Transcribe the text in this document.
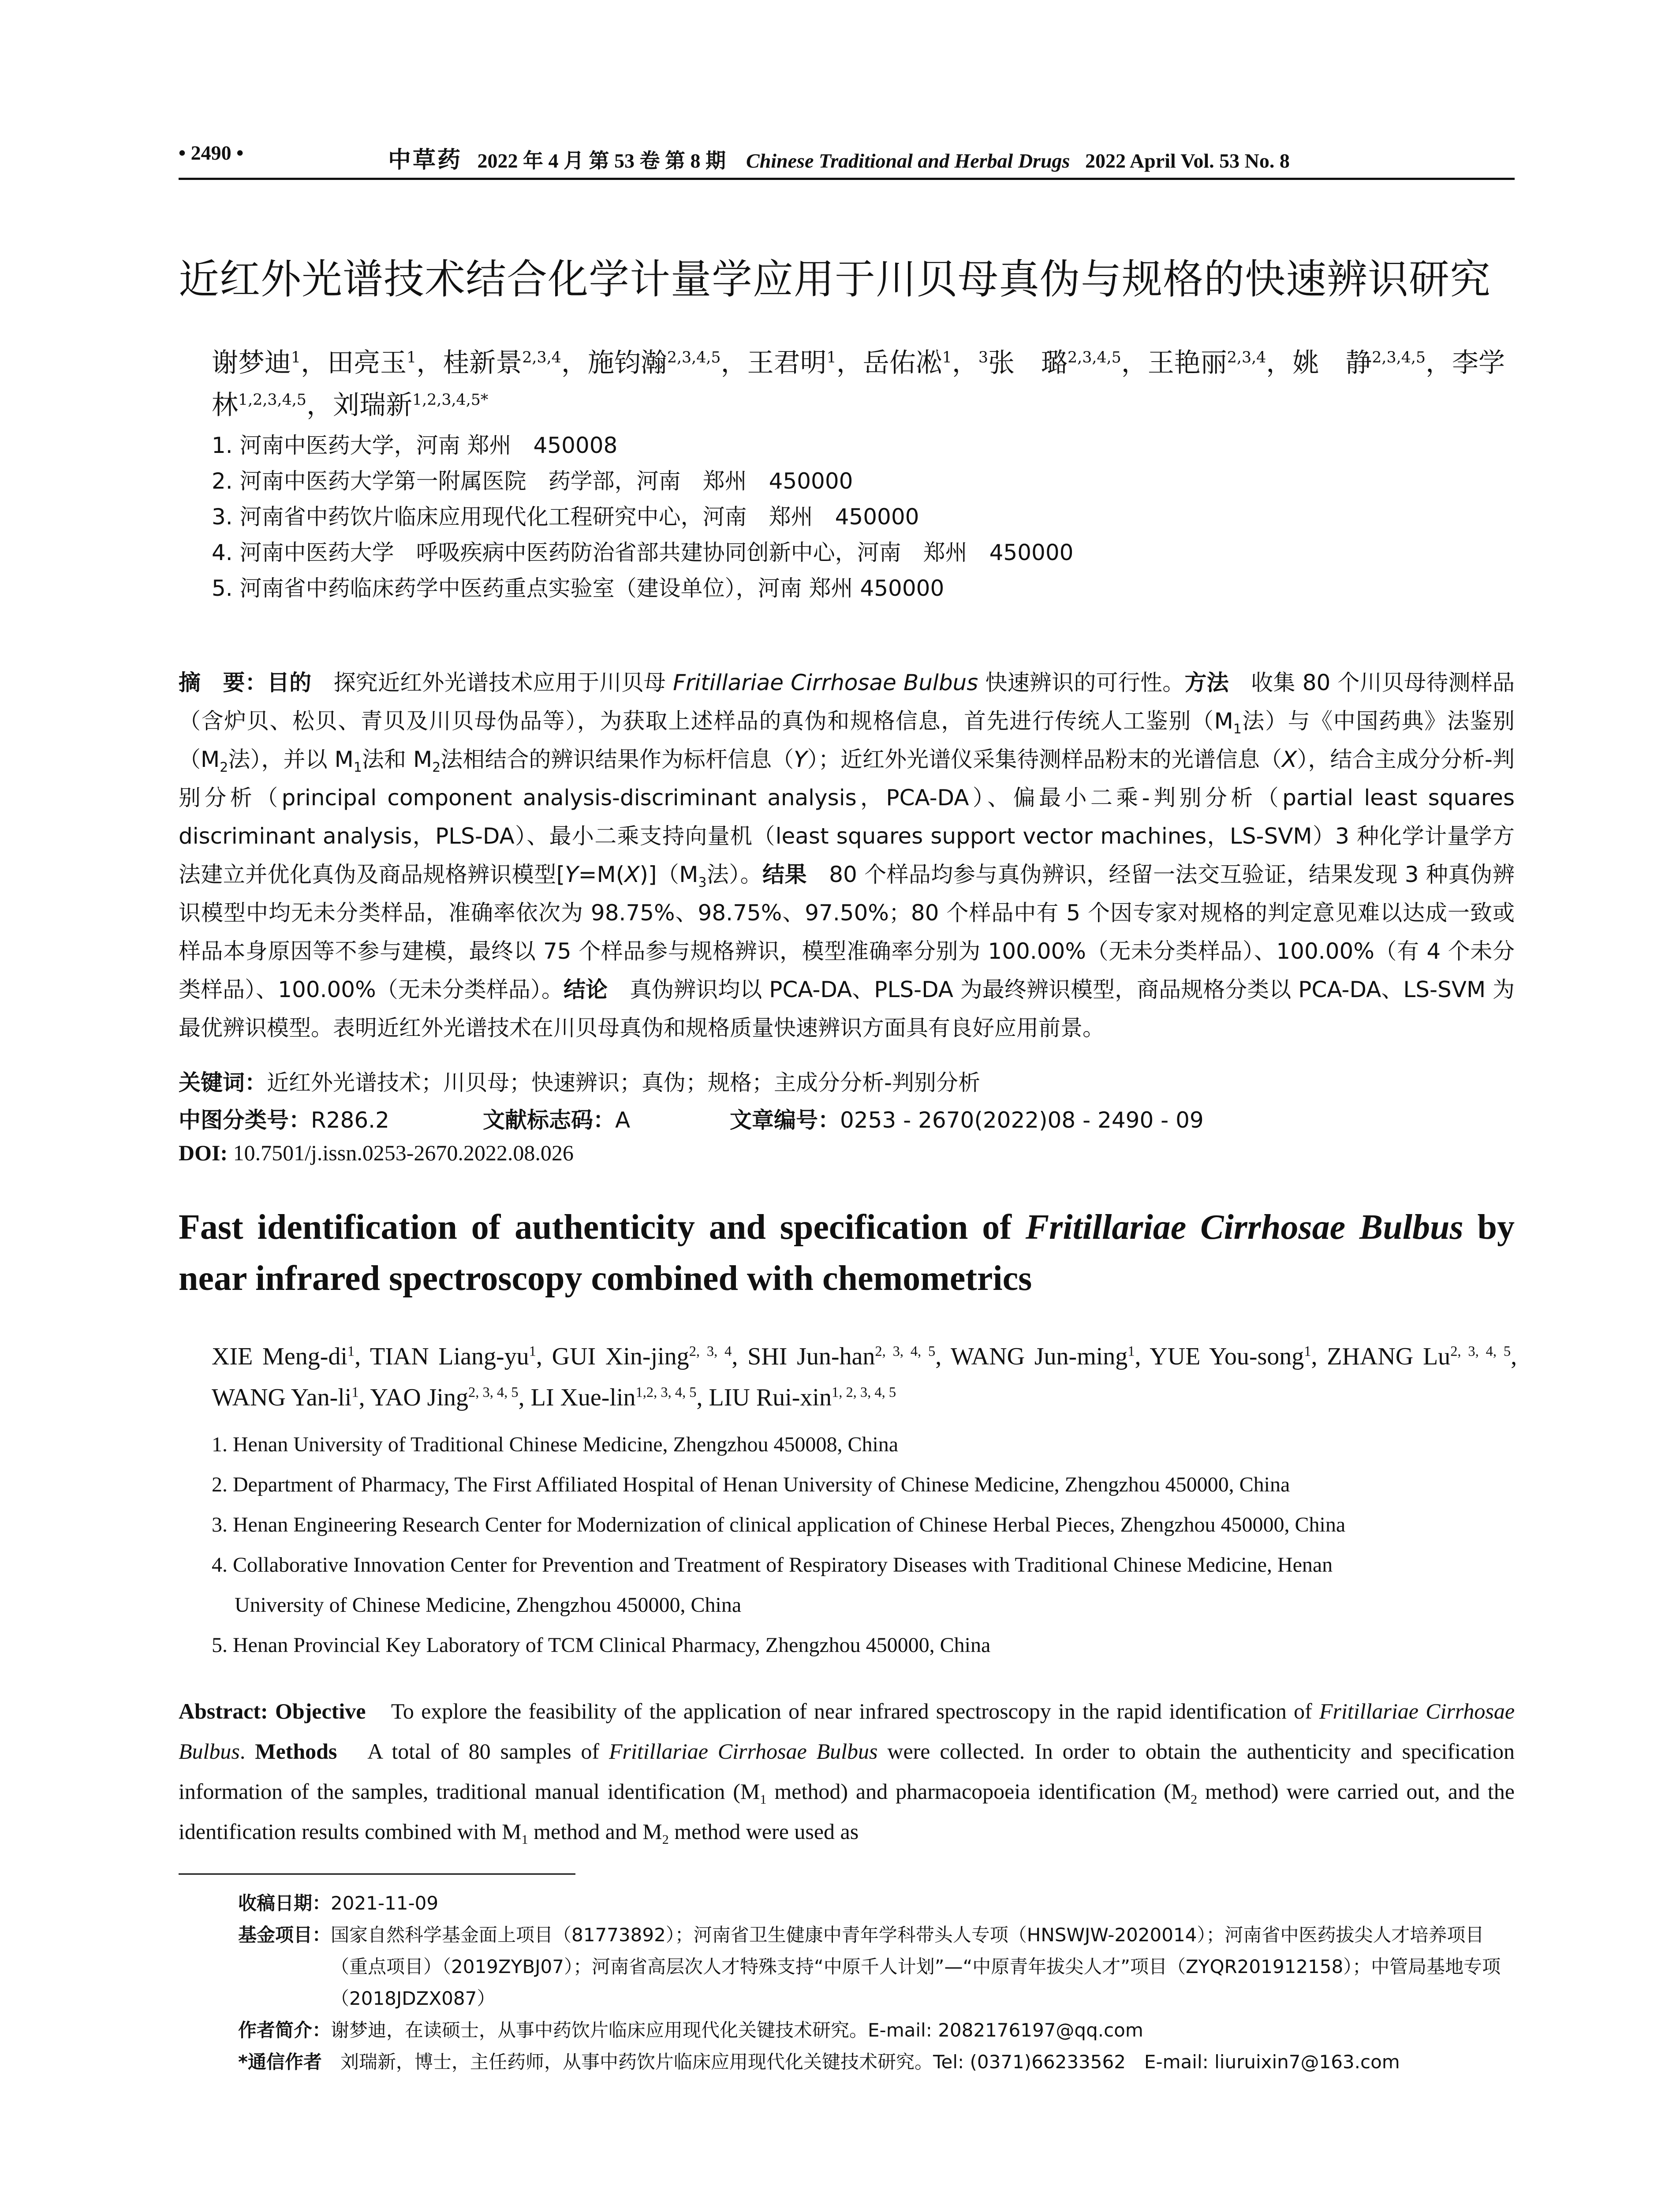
• 2490 •	中草药 2022 年 4 月 第 53 卷 第 8 期 Chinese Traditional and Herbal Drugs 2022 April Vol. 53 No. 8
近红外光谱技术结合化学计量学应用于川贝母真伪与规格的快速辨识研究
谢梦迪$^1$，田亮玉$^1$，桂新景$^{2,3,4}$，施钧瀚$^{2,3,4,5}$，王君明$^1$，岳佑凇$^1$，$^3$张　璐$^{2,3,4,5}$，王艳丽$^{2,3,4}$，姚　静$^{2,3,4,5}$，李学林$^{1,2,3,4,5}$，刘瑞新$^{1,2,3,4,5*}$
1. 河南中医药大学，河南 郑州　450008
2. 河南中医药大学第一附属医院　药学部，河南　郑州　450000
3. 河南省中药饮片临床应用现代化工程研究中心，河南　郑州　450000
4. 河南中医药大学　呼吸疾病中医药防治省部共建协同创新中心，河南　郑州　450000
5. 河南省中药临床药学中医药重点实验室（建设单位），河南 郑州 450000
摘　要：目的　探究近红外光谱技术应用于川贝母 Fritillariae Cirrhosae Bulbus 快速辨识的可行性。方法　收集 80 个川贝母待测样品（含炉贝、松贝、青贝及川贝母伪品等），为获取上述样品的真伪和规格信息，首先进行传统人工鉴别（$M_1$法）与《中国药典》法鉴别（$M_2$法），并以 $M_1$法和 $M_2$法相结合的辨识结果作为标杆信息（Y）；近红外光谱仪采集待测样品粉末的光谱信息（X），结合主成分分析-判别分析（principal component analysis-discriminant analysis，PCA-DA）、偏最小二乘-判别分析（partial least squares discriminant analysis，PLS-DA）、最小二乘支持向量机（least squares support vector machines，LS-SVM）3 种化学计量学方法建立并优化真伪及商品规格辨识模型$[Y=M(X)](M_3$法）。结果　80 个样品均参与真伪辨识，经留一法交互验证，结果发现 3 种真伪辨识模型中均无未分类样品，准确率依次为 98.75%、98.75%、97.50%；80 个样品中有 5 个因专家对规格的判定意见难以达成一致或样品本身原因等不参与建模，最终以 75 个样品参与规格辨识，模型准确率分别为 100.00%（无未分类样品）、100.00%（有 4 个未分类样品）、100.00%（无未分类样品）。结论　真伪辨识均以 PCA-DA、PLS-DA 为最终辨识模型，商品规格分类以 PCA-DA、LS-SVM 为最优辨识模型。表明近红外光谱技术在川贝母真伪和规格质量快速辨识方面具有良好应用前景。
关键词：近红外光谱技术；川贝母；快速辨识；真伪；规格；主成分分析-判别分析
中图分类号：R286.2	文献标志码：A	文章编号：0253 - 2670(2022)08 - 2490 - 09
DOI: 10.7501/j.issn.0253-2670.2022.08.026
Fast identification of authenticity and specification of Fritillariae Cirrhosae Bulbus by near infrared spectroscopy combined with chemometrics
XIE Meng-$di^1$, TIAN Liang-$yu^1$, GUI Xin-jing$^{2, 3, 4}$, SHI Jun-han$^{2, 3, 4, 5}$, WANG Jun-ming$^1$, YUE You-song$^1$, ZHANG Lu$^{2, 3, 4, 5}$, WANG Yan-$li^1$, YAO Jing$^{2, 3, 4, 5}$, LI Xue-lin$^{1,2, 3, 4, 5}$, LIU Rui-xin$^{1, 2, 3, 4, 5}$
1. Henan University of Traditional Chinese Medicine, Zhengzhou 450008, China
2. Department of Pharmacy, The First Affiliated Hospital of Henan University of Chinese Medicine, Zhengzhou 450000, China
3. Henan Engineering Research Center for Modernization of clinical application of Chinese Herbal Pieces, Zhengzhou 450000, China
4. Collaborative Innovation Center for Prevention and Treatment of Respiratory Diseases with Traditional Chinese Medicine, Henan
University of Chinese Medicine, Zhengzhou 450000, China
5. Henan Provincial Key Laboratory of TCM Clinical Pharmacy, Zhengzhou 450000, China
Abstract: Objective　To explore the feasibility of the application of near infrared spectroscopy in the rapid identification of Fritillariae Cirrhosae Bulbus. Methods　A total of 80 samples of Fritillariae Cirrhosae Bulbus were collected. In order to obtain the authenticity and specification information of the samples, traditional manual identification ($M_1$ method) and pharmacopoeia identification ($M_2$ method) were carried out, and the identification results combined with $M_1$ method and $M_2$ method were used as
收稿日期： 2021-11-09
基金项目： 国家自然科学基金面上项目（81773892）；河南省卫生健康中青年学科带头人专项（HNSWJW-2020014）；河南省中医药拔尖人才培养项目（重点项目）（2019ZYBJ07）；河南省高层次人才特殊支持“中原千人计划”—“中原青年拔尖人才”项目（ZYQR201912158）；中管局基地专项（2018JDZX087）
作者简介： 谢梦迪，在读硕士，从事中药饮片临床应用现代化关键技术研究。E-mail: 2082176197@qq.com
*通信作者　 刘瑞新，博士，主任药师，从事中药饮片临床应用现代化关键技术研究。Tel: (0371)66233562　E-mail: liuruixin7@163.com
